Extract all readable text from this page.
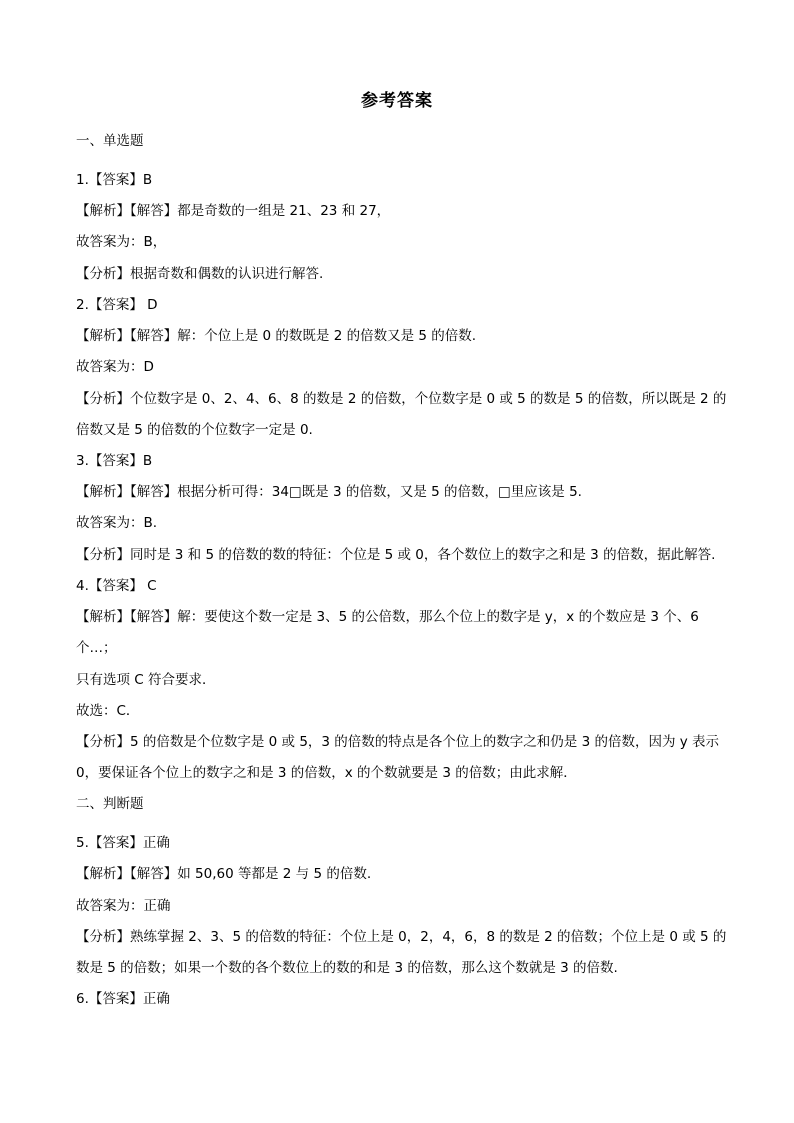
参考答案
一、单选题
1.【答案】B
【解析】【解答】都是奇数的一组是 21、23 和 27，
故答案为：B，
【分析】根据奇数和偶数的认识进行解答.
2.【答案】 D
【解析】【解答】解：个位上是 0 的数既是 2 的倍数又是 5 的倍数.
故答案为：D
【分析】个位数字是 0、2、4、6、8 的数是 2 的倍数，个位数字是 0 或 5 的数是 5 的倍数，所以既是 2 的
倍数又是 5 的倍数的个位数字一定是 0.
3.【答案】B
【解析】【解答】根据分析可得：34□既是 3 的倍数，又是 5 的倍数，□里应该是 5.
故答案为：B.
【分析】同时是 3 和 5 的倍数的数的特征：个位是 5 或 0，各个数位上的数字之和是 3 的倍数，据此解答.
4.【答案】 C
【解析】【解答】解：要使这个数一定是 3、5 的公倍数，那么个位上的数字是 y，x 的个数应是 3 个、6
个…；
只有选项 C 符合要求．
故选：C．
【分析】5 的倍数是个位数字是 0 或 5，3 的倍数的特点是各个位上的数字之和仍是 3 的倍数，因为 y 表示
0，要保证各个位上的数字之和是 3 的倍数，x 的个数就要是 3 的倍数；由此求解．
二、判断题
5.【答案】正确
【解析】【解答】如 50,60 等都是 2 与 5 的倍数.
故答案为：正确
【分析】熟练掌握 2、3、5 的倍数的特征：个位上是 0，2，4，6，8 的数是 2 的倍数；个位上是 0 或 5 的
数是 5 的倍数；如果一个数的各个数位上的数的和是 3 的倍数，那么这个数就是 3 的倍数.
6.【答案】正确
